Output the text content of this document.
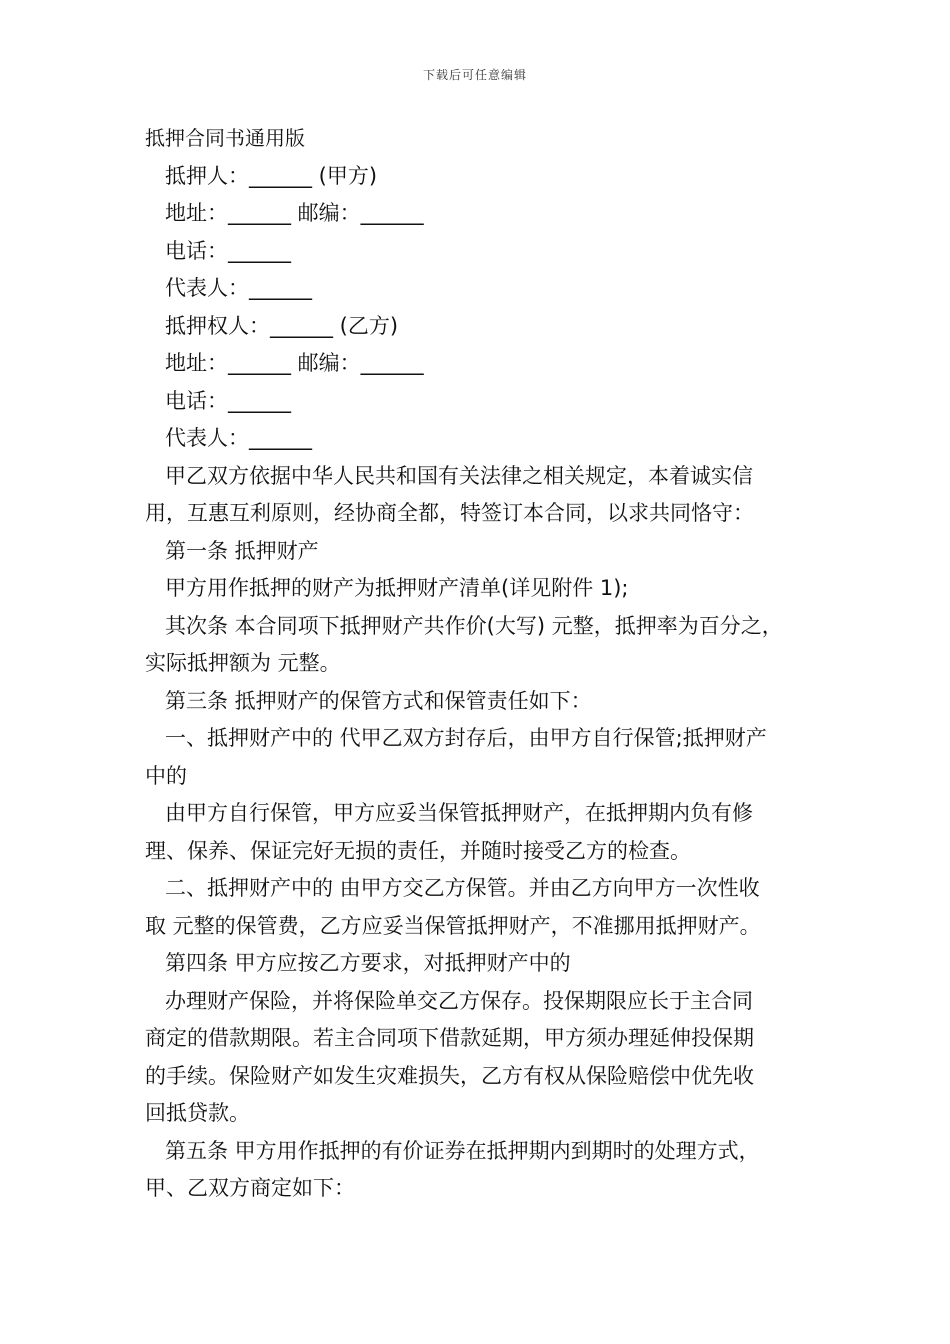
下载后可任意编辑
抵押合同书通用版
抵押人：______ (甲方)
地址：______ 邮编：______
电话：______
代表人：______
抵押权人：______ (乙方)
地址：______ 邮编：______
电话：______
代表人：______
甲乙双方依据中华人民共和国有关法律之相关规定，本着诚实信
用，互惠互利原则，经协商全都，特签订本合同，以求共同恪守：
第一条 抵押财产
甲方用作抵押的财产为抵押财产清单(详见附件 1);
其次条 本合同项下抵押财产共作价(大写) 元整，抵押率为百分之，
实际抵押额为 元整。
第三条 抵押财产的保管方式和保管责任如下：
一、抵押财产中的 代甲乙双方封存后，由甲方自行保管;抵押财产
中的
由甲方自行保管，甲方应妥当保管抵押财产，在抵押期内负有修
理、保养、保证完好无损的责任，并随时接受乙方的检查。
二、抵押财产中的 由甲方交乙方保管。并由乙方向甲方一次性收
取 元整的保管费，乙方应妥当保管抵押财产，不准挪用抵押财产。
第四条 甲方应按乙方要求，对抵押财产中的
办理财产保险，并将保险单交乙方保存。投保期限应长于主合同
商定的借款期限。若主合同项下借款延期，甲方须办理延伸投保期
的手续。保险财产如发生灾难损失，乙方有权从保险赔偿中优先收
回抵贷款。
第五条 甲方用作抵押的有价证券在抵押期内到期时的处理方式，
甲、乙双方商定如下：
